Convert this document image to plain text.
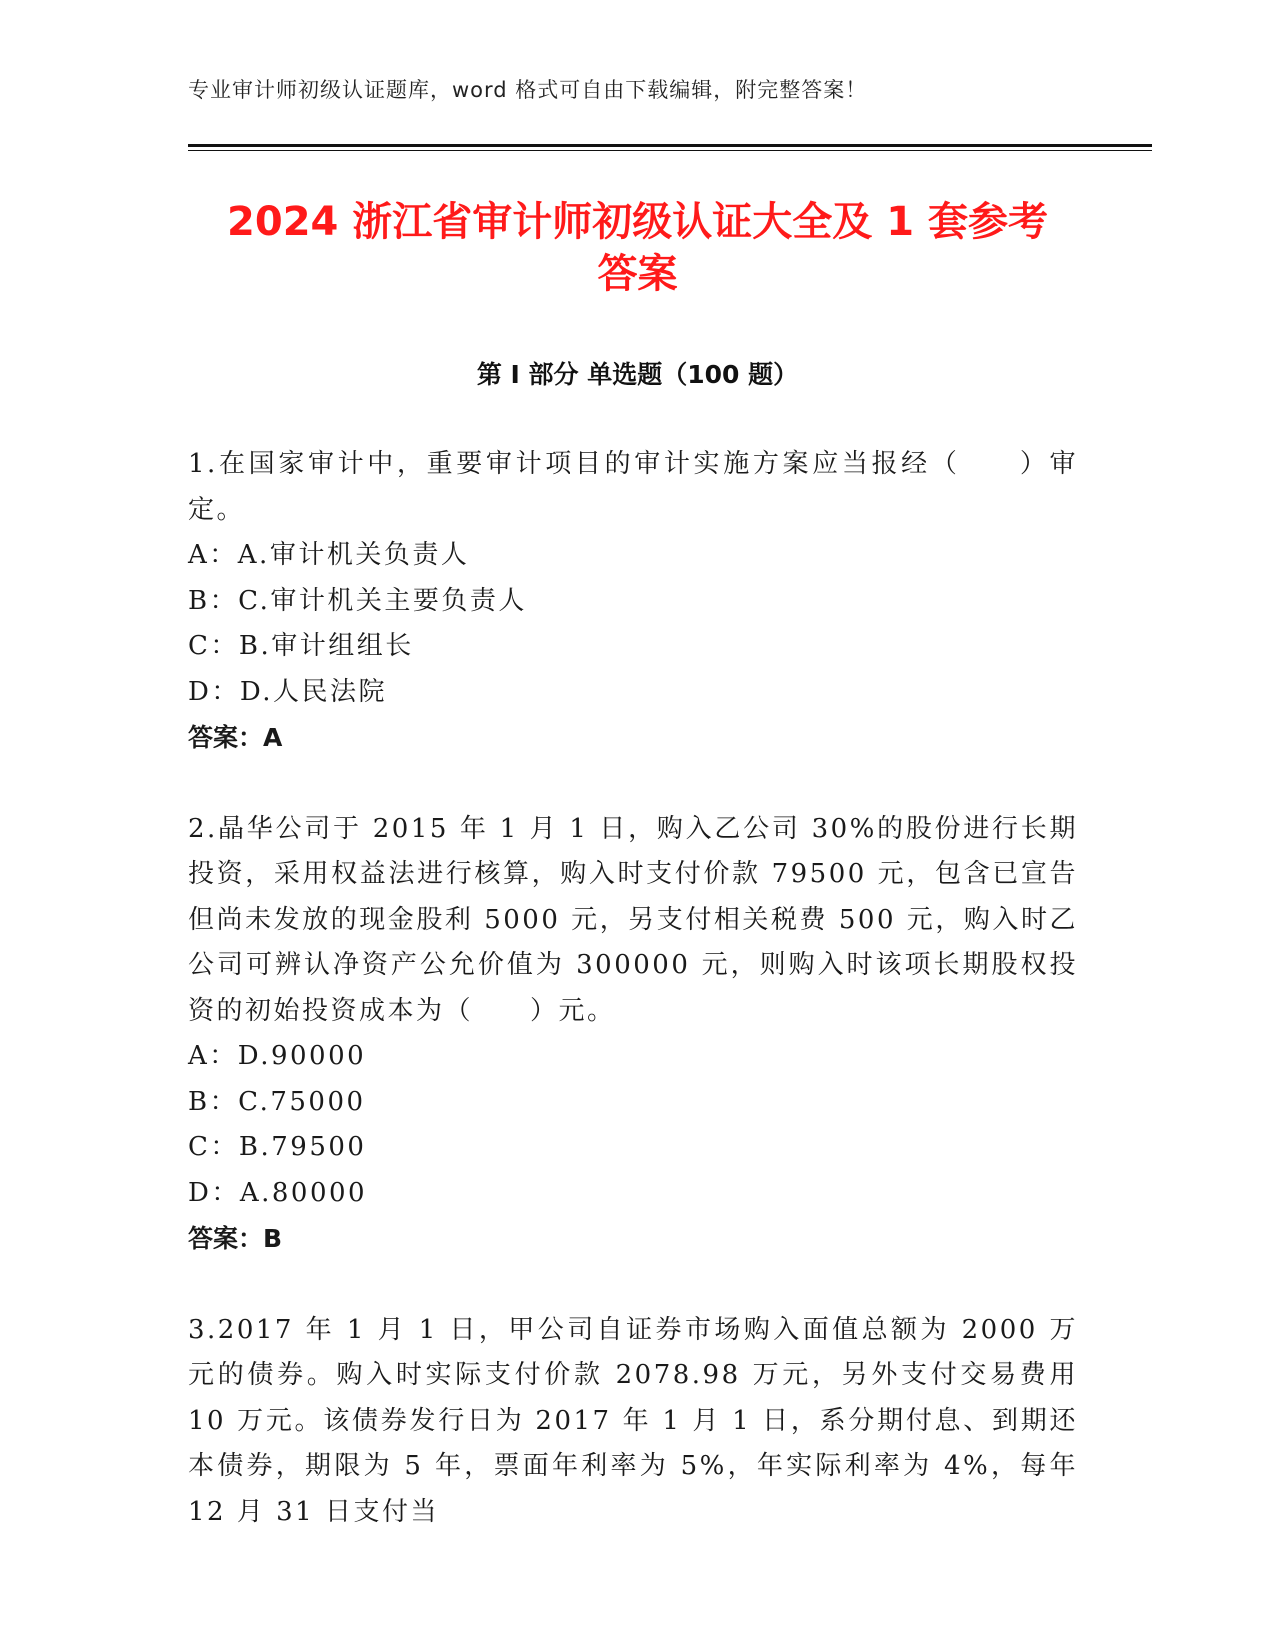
专业审计师初级认证题库，word 格式可自由下载编辑，附完整答案！
2024 浙江省审计师初级认证大全及 1 套参考
答案
第 I 部分 单选题（100 题）

1.在国家审计中，重要审计项目的审计实施方案应当报经（　　）审定。

A：A.审计机关负责人

B：C.审计机关主要负责人

C：B.审计组组长

D：D.人民法院

答案：A

2.晶华公司于 2015 年 1 月 1 日，购入乙公司 30%的股份进行长期投资，采用权益法进行核算，购入时支付价款 79500 元，包含已宣告但尚未发放的现金股利 5000 元，另支付相关税费 500 元，购入时乙公司可辨认净资产公允价值为 300000 元，则购入时该项长期股权投资的初始投资成本为（　　）元。

A：D.90000

B：C.75000

C：B.79500

D：A.80000

答案：B

3.2017 年 1 月 1 日，甲公司自证券市场购入面值总额为 2000 万元的债券。购入时实际支付价款 2078.98 万元，另外支付交易费用 10 万元。该债券发行日为 2017 年 1 月 1 日，系分期付息、到期还本债券，期限为 5 年，票面年利率为 5%，年实际利率为 4%，每年 12 月 31 日支付当
